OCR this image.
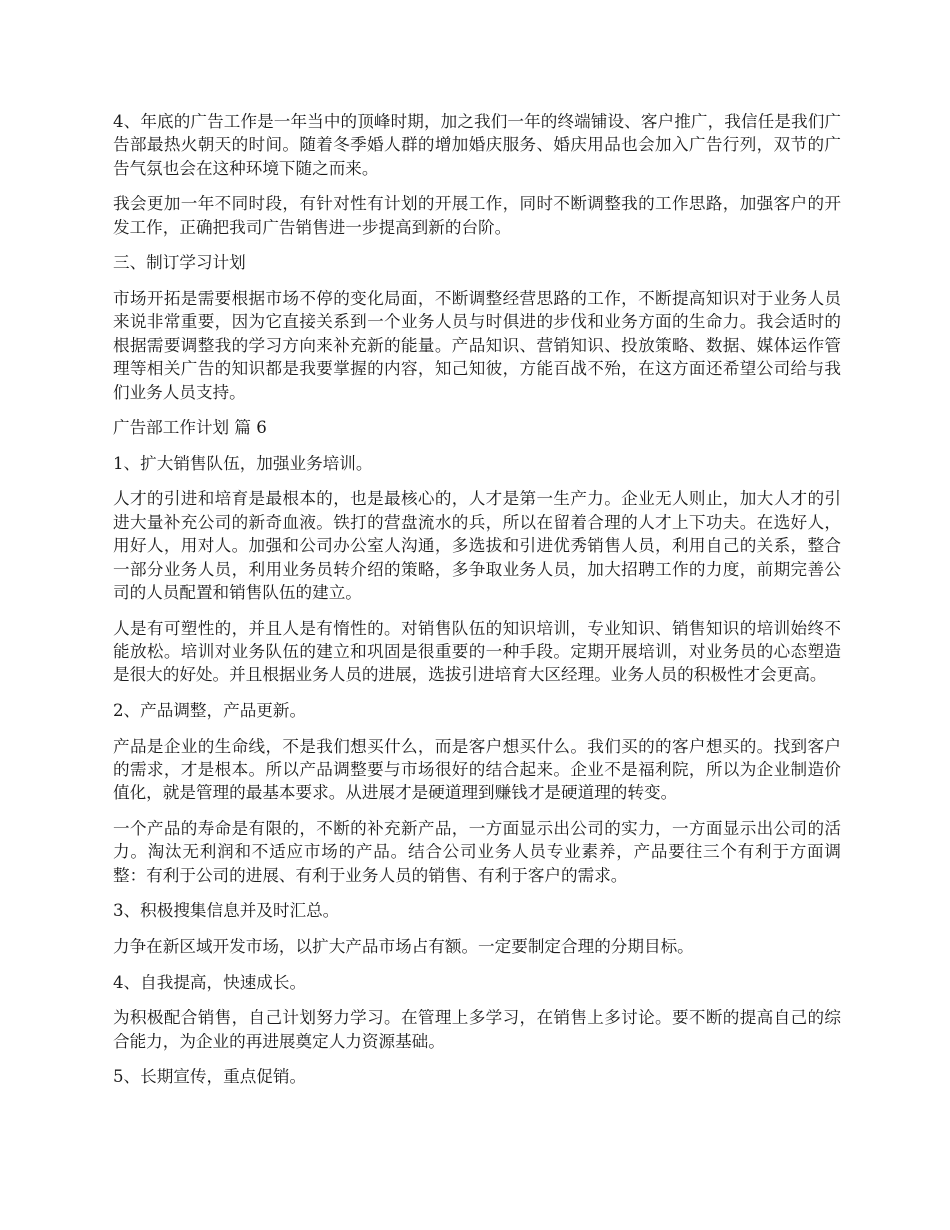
4、年底的广告工作是一年当中的顶峰时期，加之我们一年的终端铺设、客户推广，我信任是我们广告部最热火朝天的时间。随着冬季婚人群的增加婚庆服务、婚庆用品也会加入广告行列，双节的广告气氛也会在这种环境下随之而来。

我会更加一年不同时段，有针对性有计划的开展工作，同时不断调整我的工作思路，加强客户的开发工作，正确把我司广告销售进一步提高到新的台阶。

三、制订学习计划

市场开拓是需要根据市场不停的变化局面，不断调整经营思路的工作，不断提高知识对于业务人员来说非常重要，因为它直接关系到一个业务人员与时俱进的步伐和业务方面的生命力。我会适时的根据需要调整我的学习方向来补充新的能量。产品知识、营销知识、投放策略、数据、媒体运作管理等相关广告的知识都是我要掌握的内容，知己知彼，方能百战不殆，在这方面还希望公司给与我们业务人员支持。

广告部工作计划 篇 6

1、扩大销售队伍，加强业务培训。

人才的引进和培育是最根本的，也是最核心的，人才是第一生产力。企业无人则止，加大人才的引进大量补充公司的新奇血液。铁打的营盘流水的兵，所以在留着合理的人才上下功夫。在选好人，用好人，用对人。加强和公司办公室人沟通，多选拔和引进优秀销售人员，利用自己的关系，整合一部分业务人员，利用业务员转介绍的策略，多争取业务人员，加大招聘工作的力度，前期完善公司的人员配置和销售队伍的建立。

人是有可塑性的，并且人是有惰性的。对销售队伍的知识培训，专业知识、销售知识的培训始终不能放松。培训对业务队伍的建立和巩固是很重要的一种手段。定期开展培训，对业务员的心态塑造是很大的好处。并且根据业务人员的进展，选拔引进培育大区经理。业务人员的积极性才会更高。

2、产品调整，产品更新。

产品是企业的生命线，不是我们想买什么，而是客户想买什么。我们买的的客户想买的。找到客户的需求，才是根本。所以产品调整要与市场很好的结合起来。企业不是福利院，所以为企业制造价值化，就是管理的最基本要求。从进展才是硬道理到赚钱才是硬道理的转变。

一个产品的寿命是有限的，不断的补充新产品，一方面显示出公司的实力，一方面显示出公司的活力。淘汰无利润和不适应市场的产品。结合公司业务人员专业素养，产品要往三个有利于方面调整：有利于公司的进展、有利于业务人员的销售、有利于客户的需求。

3、积极搜集信息并及时汇总。

力争在新区域开发市场，以扩大产品市场占有额。一定要制定合理的分期目标。

4、自我提高，快速成长。

为积极配合销售，自己计划努力学习。在管理上多学习，在销售上多讨论。要不断的提高自己的综合能力，为企业的再进展奠定人力资源基础。

5、长期宣传，重点促销。
